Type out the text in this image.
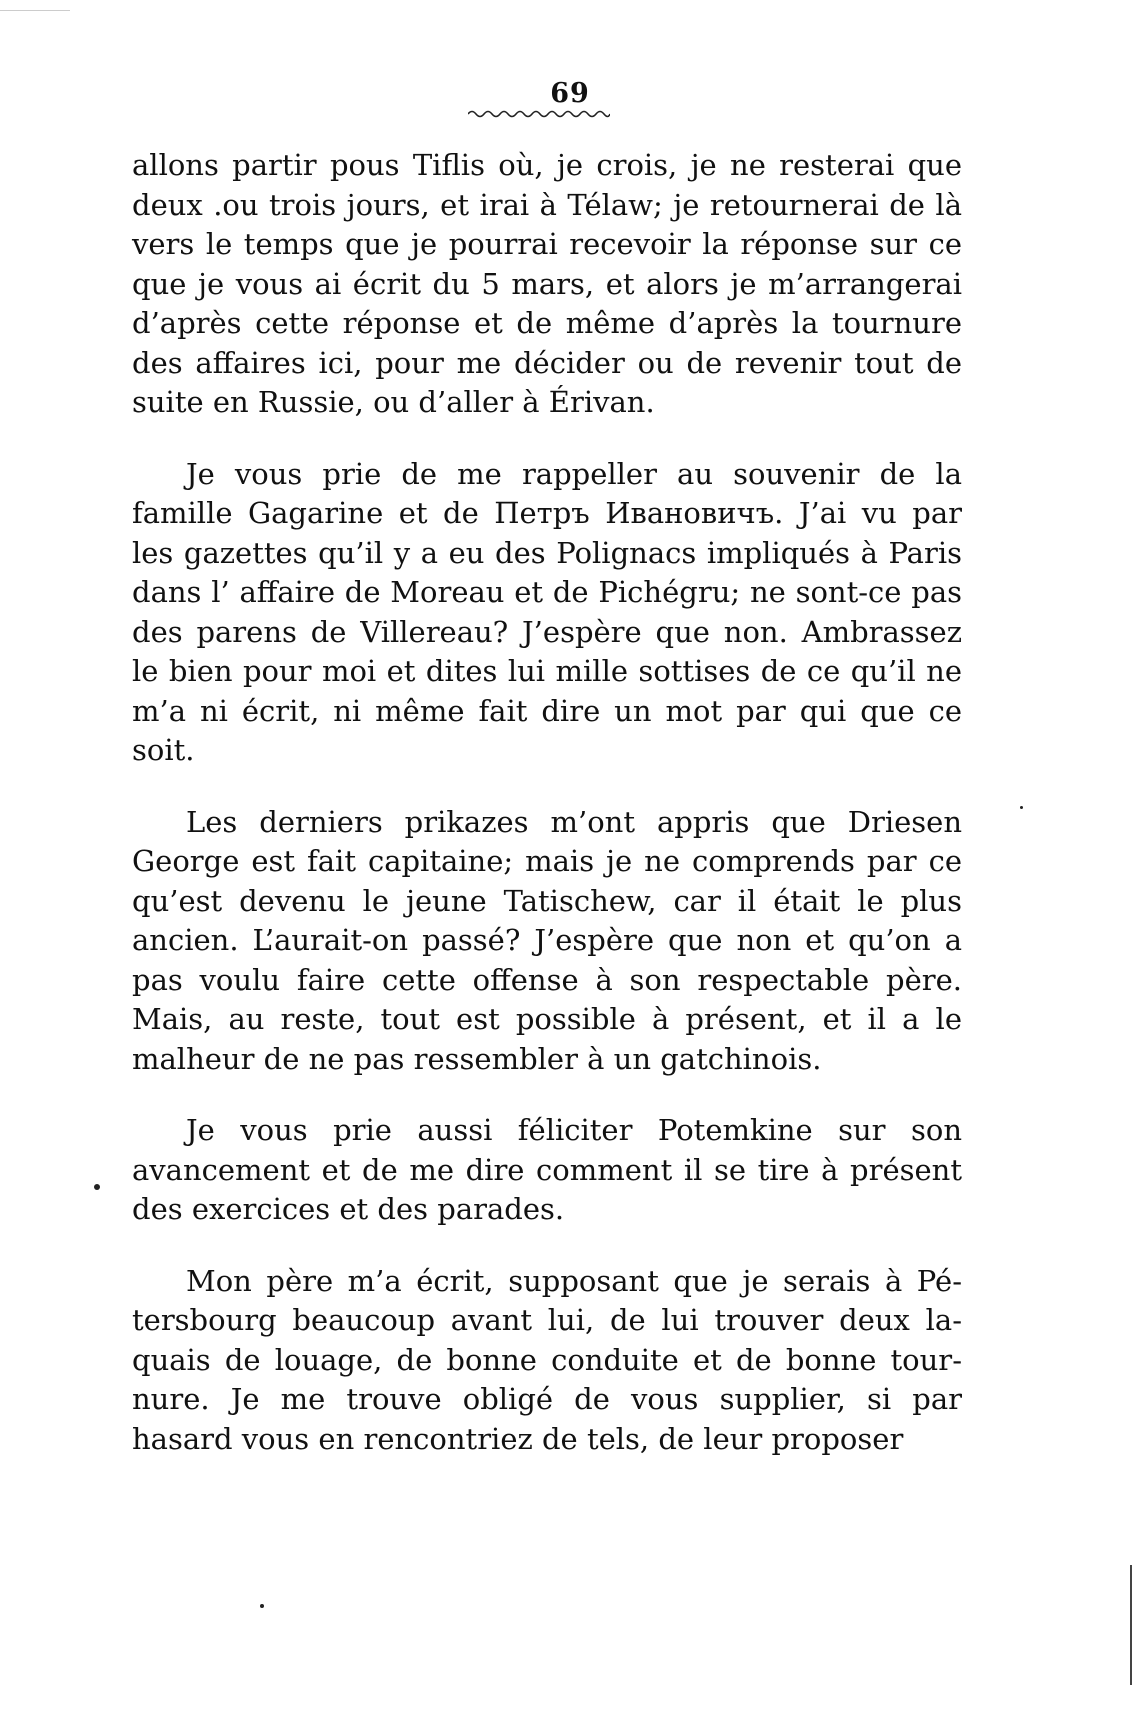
69

allons partir pous Tiflis où, je crois, je ne resterai que deux .ou trois jours, et irai à Télaw; je retournerai de là vers le temps que je pourrai recevoir la réponse sur ce que je vous ai écrit du 5 mars, et alors je m’arrangerai d’après cette réponse et de même d’après la tournure des affaires ici, pour me décider ou de revenir tout de suite en Russie, ou d’aller à Érivan.

Je vous prie de me rappeller au souvenir de la famille Gagarine et de Петръ Ивановичъ. J’ai vu par les gazettes qu’il y a eu des Polignacs impliqués à Paris dans l’ affaire de Moreau et de Pichégru; ne sont-ce pas des parens de Villereau? J’espère que non. Ambrassez le bien pour moi et dites lui mille sottises de ce qu’il ne m’a ni écrit, ni même fait dire un mot par qui que ce soit.

Les derniers prikazes m’ont appris que Driesen George est fait capitaine; mais je ne comprends par ce qu’est devenu le jeune Tatischew, car il était le plus ancien. L’aurait-on passé? J’espère que non et qu’on a pas voulu faire cette offense à son respectable père. Mais, au reste, tout est possible à présent, et il a le malheur de ne pas ressembler à un gatchinois.

Je vous prie aussi féliciter Potemkine sur son avancement et de me dire comment il se tire à présent des exercices et des parades.

Mon père m’a écrit, supposant que je serais à Pétersbourg beaucoup avant lui, de lui trouver deux laquais de louage, de bonne conduite et de bonne tournure. Je me trouve obligé de vous supplier, si par hasard vous en rencontriez de tels, de leur proposer
